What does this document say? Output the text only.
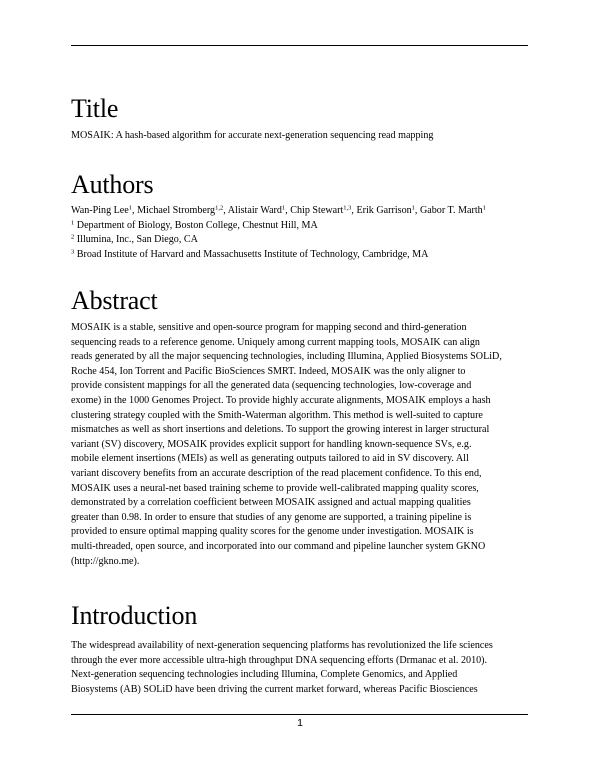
Title
MOSAIK: A hash-based algorithm for accurate next-generation sequencing read mapping
Authors
Wan-Ping Lee$^1$, Michael Stromberg$^{1,2}$, Alistair Ward$^1$, Chip Stewart$^{1,3}$, Erik Garrison$^1$, Gabor T. Marth$^1$
$^1$ Department of Biology, Boston College, Chestnut Hill, MA
$^2$ Illumina, Inc., San Diego, CA
$^3$ Broad Institute of Harvard and Massachusetts Institute of Technology, Cambridge, MA
Abstract
MOSAIK is a stable, sensitive and open-source program for mapping second and third-generation
sequencing reads to a reference genome. Uniquely among current mapping tools, MOSAIK can align
reads generated by all the major sequencing technologies, including Illumina, Applied Biosystems SOLiD,
Roche 454, Ion Torrent and Pacific BioSciences SMRT. Indeed, MOSAIK was the only aligner to
provide consistent mappings for all the generated data (sequencing technologies, low-coverage and
exome) in the 1000 Genomes Project. To provide highly accurate alignments, MOSAIK employs a hash
clustering strategy coupled with the Smith-Waterman algorithm. This method is well-suited to capture
mismatches as well as short insertions and deletions. To support the growing interest in larger structural
variant (SV) discovery, MOSAIK provides explicit support for handling known-sequence SVs, e.g.
mobile element insertions (MEIs) as well as generating outputs tailored to aid in SV discovery. All
variant discovery benefits from an accurate description of the read placement confidence. To this end,
MOSAIK uses a neural-net based training scheme to provide well-calibrated mapping quality scores,
demonstrated by a correlation coefficient between MOSAIK assigned and actual mapping qualities
greater than 0.98. In order to ensure that studies of any genome are supported, a training pipeline is
provided to ensure optimal mapping quality scores for the genome under investigation. MOSAIK is
multi-threaded, open source, and incorporated into our command and pipeline launcher system GKNO
(http://gkno.me).
Introduction
The widespread availability of next-generation sequencing platforms has revolutionized the life sciences
through the ever more accessible ultra-high throughput DNA sequencing efforts (Drmanac et al. 2010).
Next-generation sequencing technologies including Illumina, Complete Genomics, and Applied
Biosystems (AB) SOLiD have been driving the current market forward, whereas Pacific Biosciences
1
